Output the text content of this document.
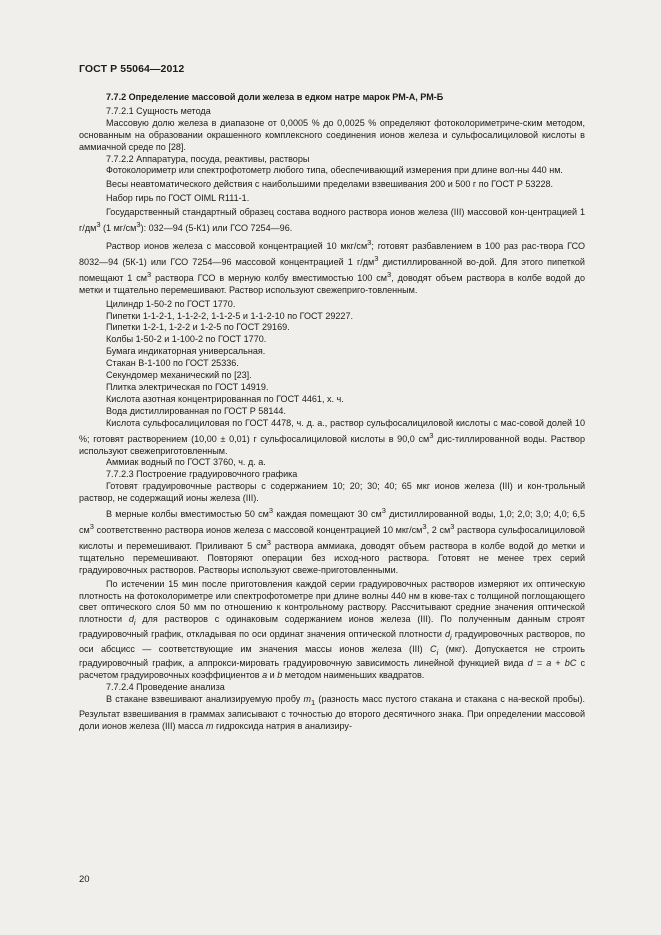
ГОСТ Р 55064—2012

7.7.2 Определение массовой доли железа в едком натре марок РМ-А, РМ-Б

7.7.2.1 Сущность метода

Массовую долю железа в диапазоне от 0,0005 % до 0,0025 % определяют фотоколориметриче-ским методом, основанным на образовании окрашенного комплексного соединения ионов железа и сульфосалициловой кислоты в аммиачной среде по [28].

7.7.2.2 Аппаратура, посуда, реактивы, растворы

Фотоколориметр или спектрофотометр любого типа, обеспечивающий измерения при длине вол-ны 440 нм.

Весы неавтоматического действия с наибольшими пределами взвешивания 200 и 500 г по ГОСТ Р 53228.

Набор гирь по ГОСТ OIML R111-1.

Государственный стандартный образец состава водного раствора ионов железа (III) массовой кон-центрацией 1 $г/дм^3$ (1 $мг/см^3$): 032—94 (5-К1) или ГСО 7254—96.

Раствор ионов железа с массовой концентрацией 10 мкг/$см^3$; готовят разбавлением в 100 раз рас-твора ГСО 8032—94 (5К-1) или ГСО 7254—96 массовой концентрацией 1 $г/дм^3$ дистиллированной во-дой. Для этого пипеткой помещают 1 $см^3$ раствора ГСО в мерную колбу вместимостью 100 $см^3$, доводят объем раствора в колбе водой до метки и тщательно перемешивают. Раствор используют свежеприго-товленным.

Цилиндр 1-50-2 по ГОСТ 1770.

Пипетки 1-1-2-1, 1-1-2-2, 1-1-2-5 и 1-1-2-10 по ГОСТ 29227.

Пипетки 1-2-1, 1-2-2 и 1-2-5 по ГОСТ 29169.

Колбы 1-50-2 и 1-100-2 по ГОСТ 1770.

Бумага индикаторная универсальная.

Стакан В-1-100 по ГОСТ 25336.

Секундомер механический по [23].

Плитка электрическая по ГОСТ 14919.

Кислота азотная концентрированная по ГОСТ 4461, х. ч.

Вода дистиллированная по ГОСТ Р 58144.

Кислота сульфосалициловая по ГОСТ 4478, ч. д. а., раствор сульфосалициловой кислоты с мас-совой долей 10 %; готовят растворением (10,00 ± 0,01) г сульфосалициловой кислоты в 90,0 $см^3$ дис-тиллированной воды. Раствор используют свежеприготовленным.

Аммиак водный по ГОСТ 3760, ч. д. а.

7.7.2.3 Построение градуировочного графика

Готовят градуировочные растворы с содержанием 10; 20; 30; 40; 65 мкг ионов железа (III) и кон-трольный раствор, не содержащий ионы железа (III).

В мерные колбы вместимостью 50 $см^3$ каждая помещают 30 $см^3$ дистиллированной воды, 1,0; 2,0; 3,0; 4,0; 6,5 $см^3$ соответственно раствора ионов железа с массовой концентрацией 10 мкг/$см^3$, 2 $см^3$ раствора сульфосалициловой кислоты и перемешивают. Приливают 5 $см^3$ раствора аммиака, доводят объем раствора в колбе водой до метки и тщательно перемешивают. Повторяют операции без исход-ного раствора. Готовят не менее трех серий градуировочных растворов. Растворы используют свеже-приготовленными.

По истечении 15 мин после приготовления каждой серии градуировочных растворов измеряют их оптическую плотность на фотоколориметре или спектрофотометре при длине волны 440 нм в кюве-тах с толщиной поглощающего свет оптического слоя 50 мм по отношению к контрольному раствору. Рассчитывают средние значения оптической плотности $d_i$ для растворов с одинаковым содержанием ионов железа (III). По полученным данным строят градуировочный график, откладывая по оси ординат значения оптической плотности $d_i$ градуировочных растворов, по оси абсцисс — соответствующие им значения массы ионов железа (III) $C_i$ (мкг). Допускается не строить градуировочный график, а аппрокси-мировать градуировочную зависимость линейной функцией вида d = a + bC с расчетом градуировочных коэффициентов a и b методом наименьших квадратов.

7.7.2.4 Проведение анализа

В стакане взвешивают анализируемую пробу $m_1$ (разность масс пустого стакана и стакана с на-веской пробы). Результат взвешивания в граммах записывают с точностью до второго десятичного знака. При определении массовой доли ионов железа (III) масса m гидроксида натрия в анализиру-

20
